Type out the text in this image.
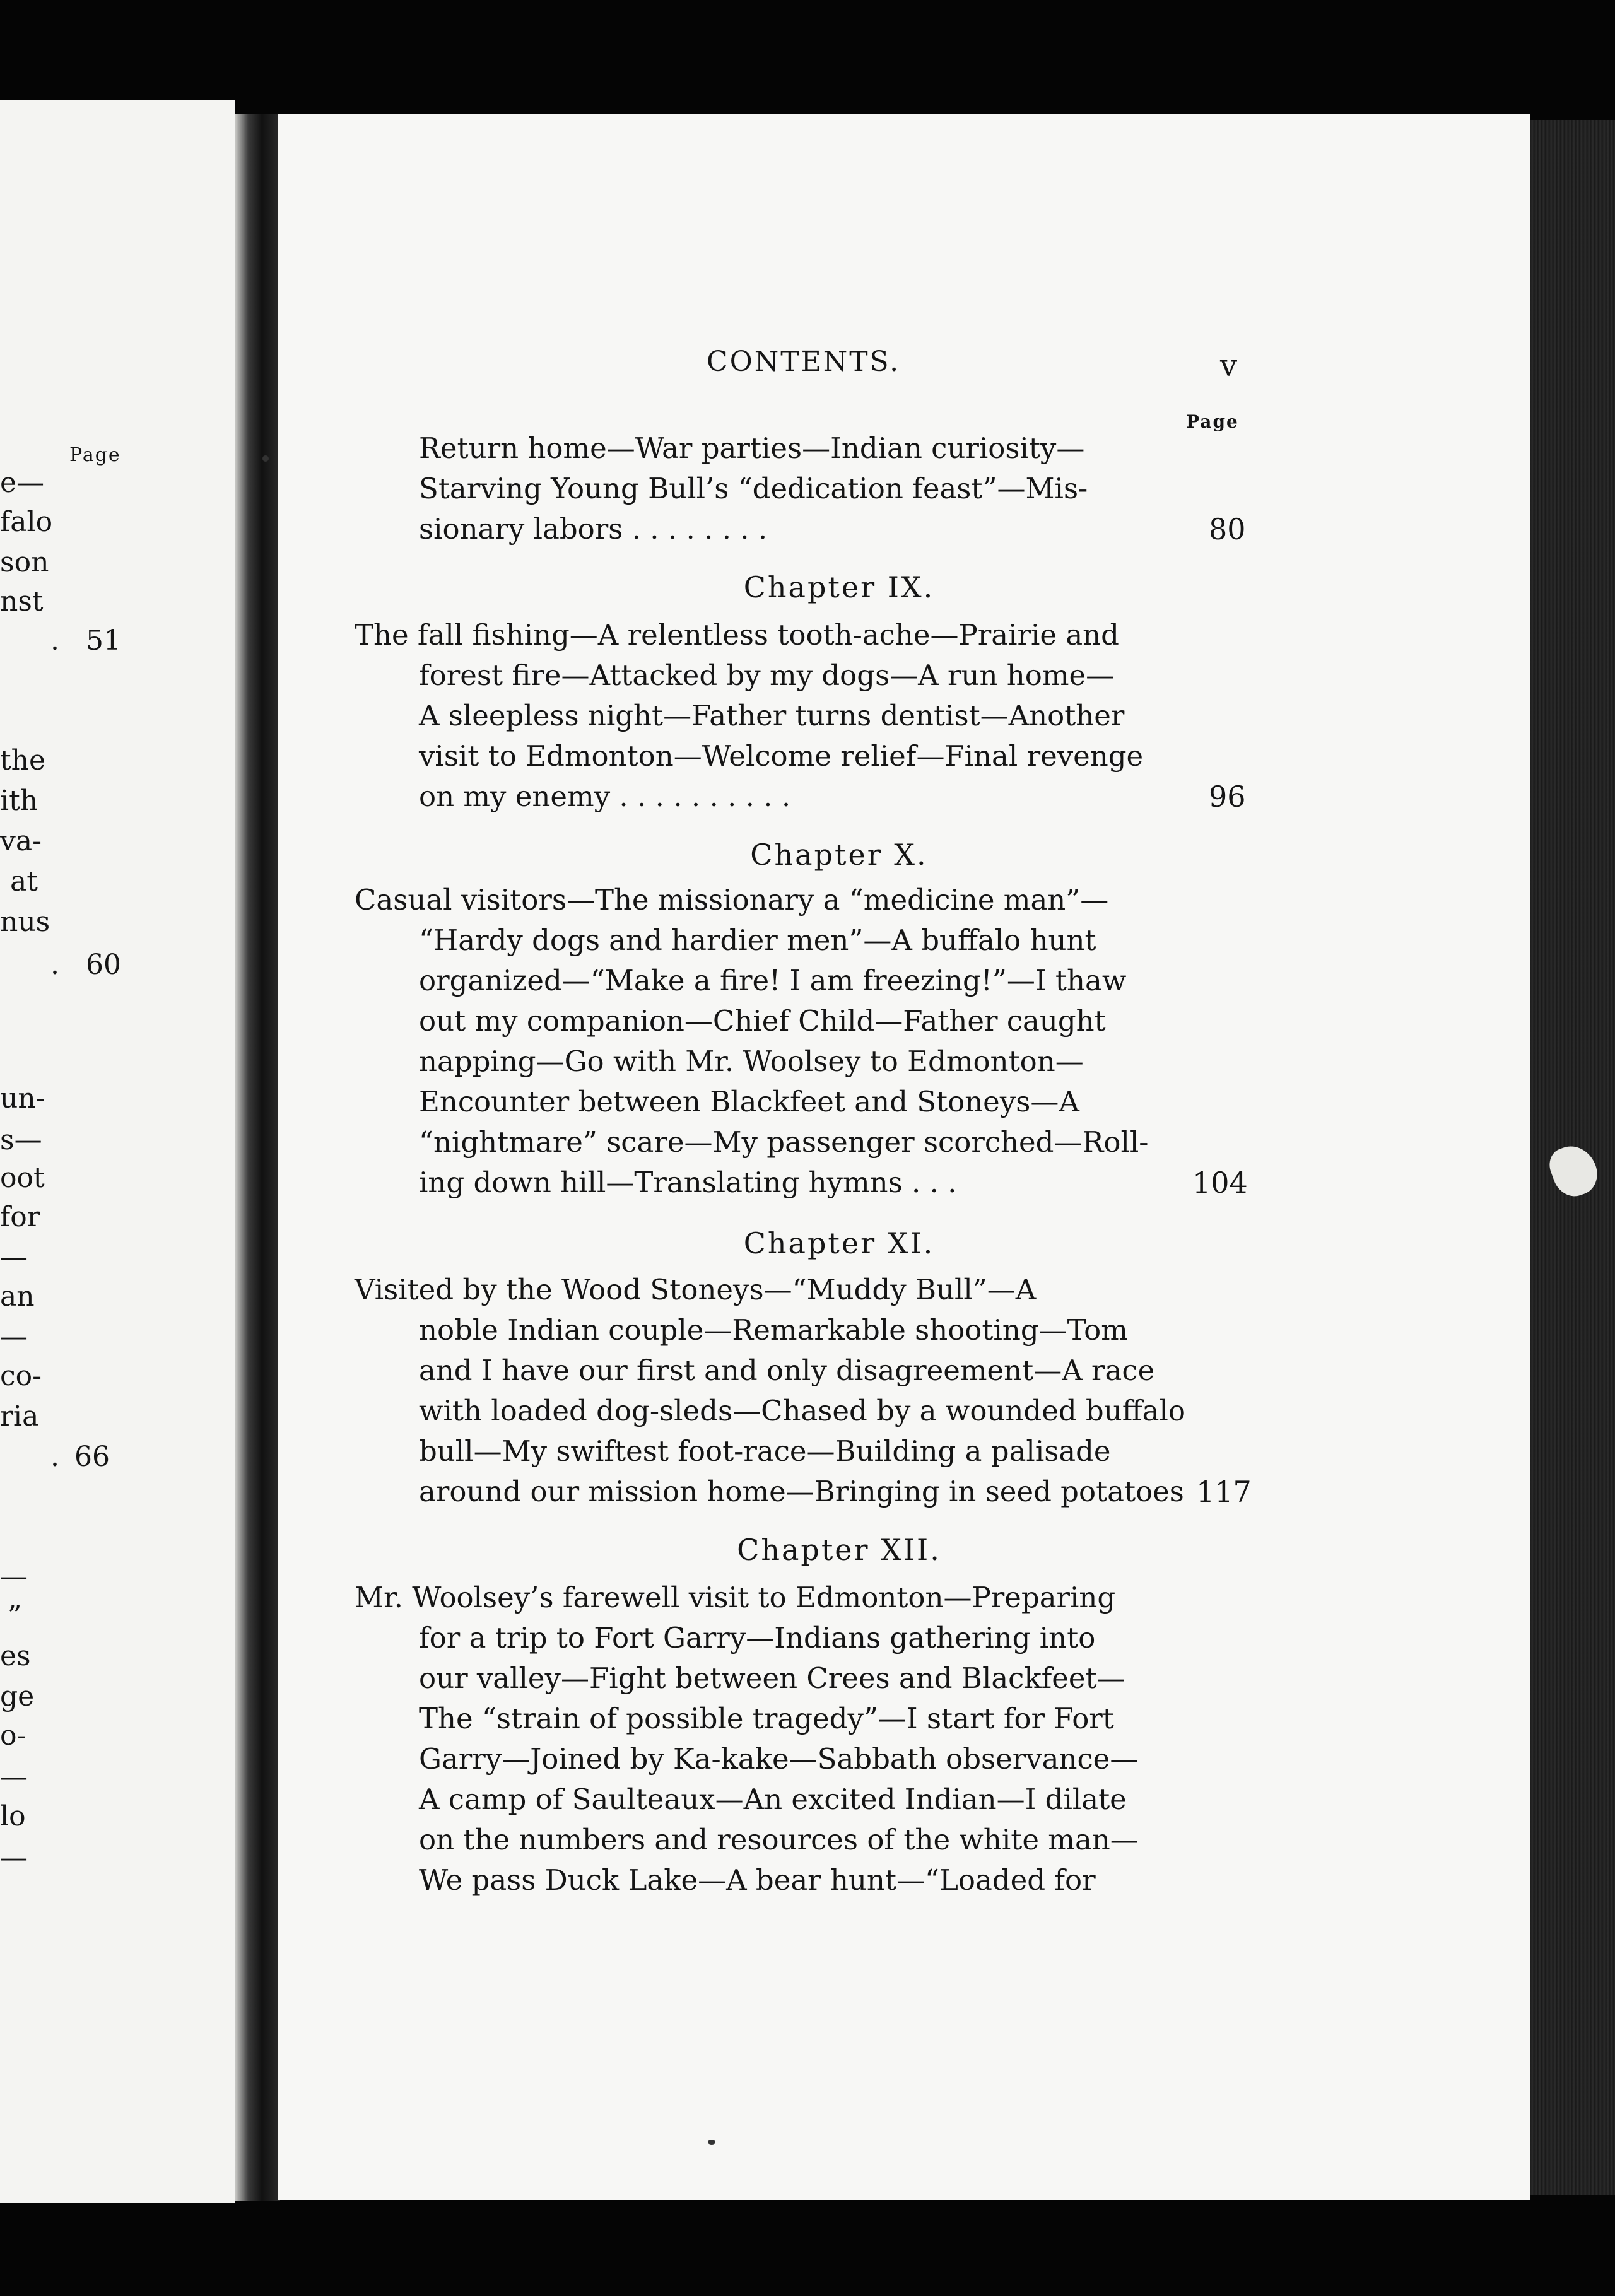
Page
e—
falo
son
nst
. 51
the
ith
va-
at
nus
. 60
un-
s—
oot
for
—
an
—
co-
ria
. 66
—
”
es
ge
o-
—
lo
—
CONTENTS.	v
Page
Return home—War parties—Indian curiosity—
Starving Young Bull’s “dedication feast”—Mis-
sionary labors . . . . . . . .	80
Chapter IX.
The fall fishing—A relentless tooth-ache—Prairie and
forest fire—Attacked by my dogs—A run home—
A sleepless night—Father turns dentist—Another
visit to Edmonton—Welcome relief—Final revenge
on my enemy . . . . . . . . . .	96
Chapter X.
Casual visitors—The missionary a “medicine man”—
“Hardy dogs and hardier men”—A buffalo hunt
organized—“Make a fire! I am freezing!”—I thaw
out my companion—Chief Child—Father caught
napping—Go with Mr. Woolsey to Edmonton—
Encounter between Blackfeet and Stoneys—A
“nightmare” scare—My passenger scorched—Roll-
ing down hill—Translating hymns . . .	104
Chapter XI.
Visited by the Wood Stoneys—“Muddy Bull”—A
noble Indian couple—Remarkable shooting—Tom
and I have our first and only disagreement—A race
with loaded dog-sleds—Chased by a wounded buffalo
bull—My swiftest foot-race—Building a palisade
around our mission home—Bringing in seed potatoes 117
Chapter XII.
Mr. Woolsey’s farewell visit to Edmonton—Preparing
for a trip to Fort Garry—Indians gathering into
our valley—Fight between Crees and Blackfeet—
The “strain of possible tragedy”—I start for Fort
Garry—Joined by Ka-kake—Sabbath observance—
A camp of Saulteaux—An excited Indian—I dilate
on the numbers and resources of the white man—
We pass Duck Lake—A bear hunt—“Loaded for
